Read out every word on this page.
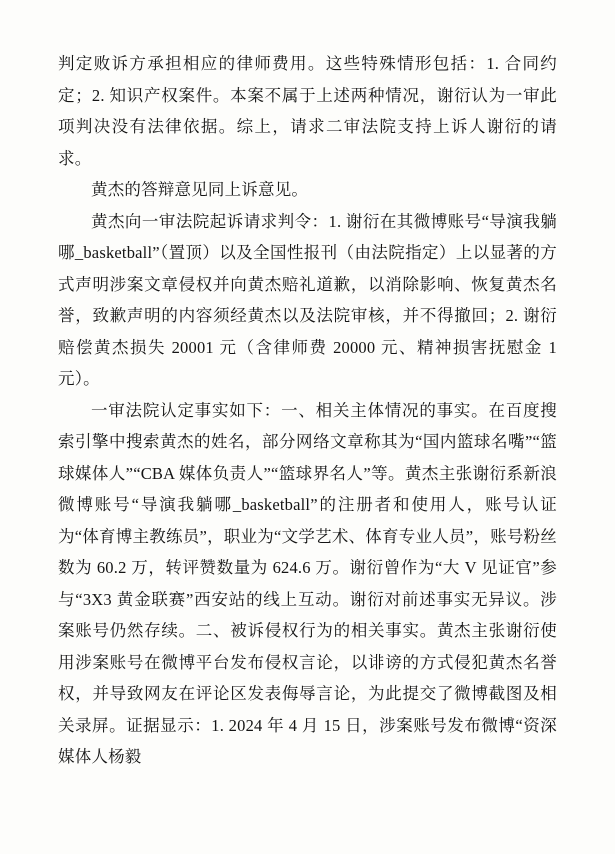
判定败诉方承担相应的律师费用。这些特殊情形包括：1. 合同约定；2. 知识产权案件。本案不属于上述两种情况，谢衍认为一审此项判决没有法律依据。综上，请求二审法院支持上诉人谢衍的请求。

黄杰的答辩意见同上诉意见。

黄杰向一审法院起诉请求判令：1. 谢衍在其微博账号“导演我躺哪_basketball”（置顶）以及全国性报刊（由法院指定）上以显著的方式声明涉案文章侵权并向黄杰赔礼道歉，以消除影响、恢复黄杰名誉，致歉声明的内容须经黄杰以及法院审核，并不得撤回；2. 谢衍赔偿黄杰损失 20001 元（含律师费 20000 元、精神损害抚慰金 1 元）。

一审法院认定事实如下：一、相关主体情况的事实。在百度搜索引擎中搜索黄杰的姓名，部分网络文章称其为“国内篮球名嘴”“篮球媒体人”“CBA 媒体负责人”“篮球界名人”等。黄杰主张谢衍系新浪微博账号“导演我躺哪_basketball”的注册者和使用人，账号认证为“体育博主教练员”，职业为“文学艺术、体育专业人员”，账号粉丝数为 60.2 万，转评赞数量为 624.6 万。谢衍曾作为“大 V 见证官”参与“3X3 黄金联赛”西安站的线上互动。谢衍对前述事实无异议。涉案账号仍然存续。二、被诉侵权行为的相关事实。黄杰主张谢衍使用涉案账号在微博平台发布侵权言论，以诽谤的方式侵犯黄杰名誉权，并导致网友在评论区发表侮辱言论，为此提交了微博截图及相关录屏。证据显示：1. 2024 年 4 月 15 日，涉案账号发布微博“资深媒体人杨毅
